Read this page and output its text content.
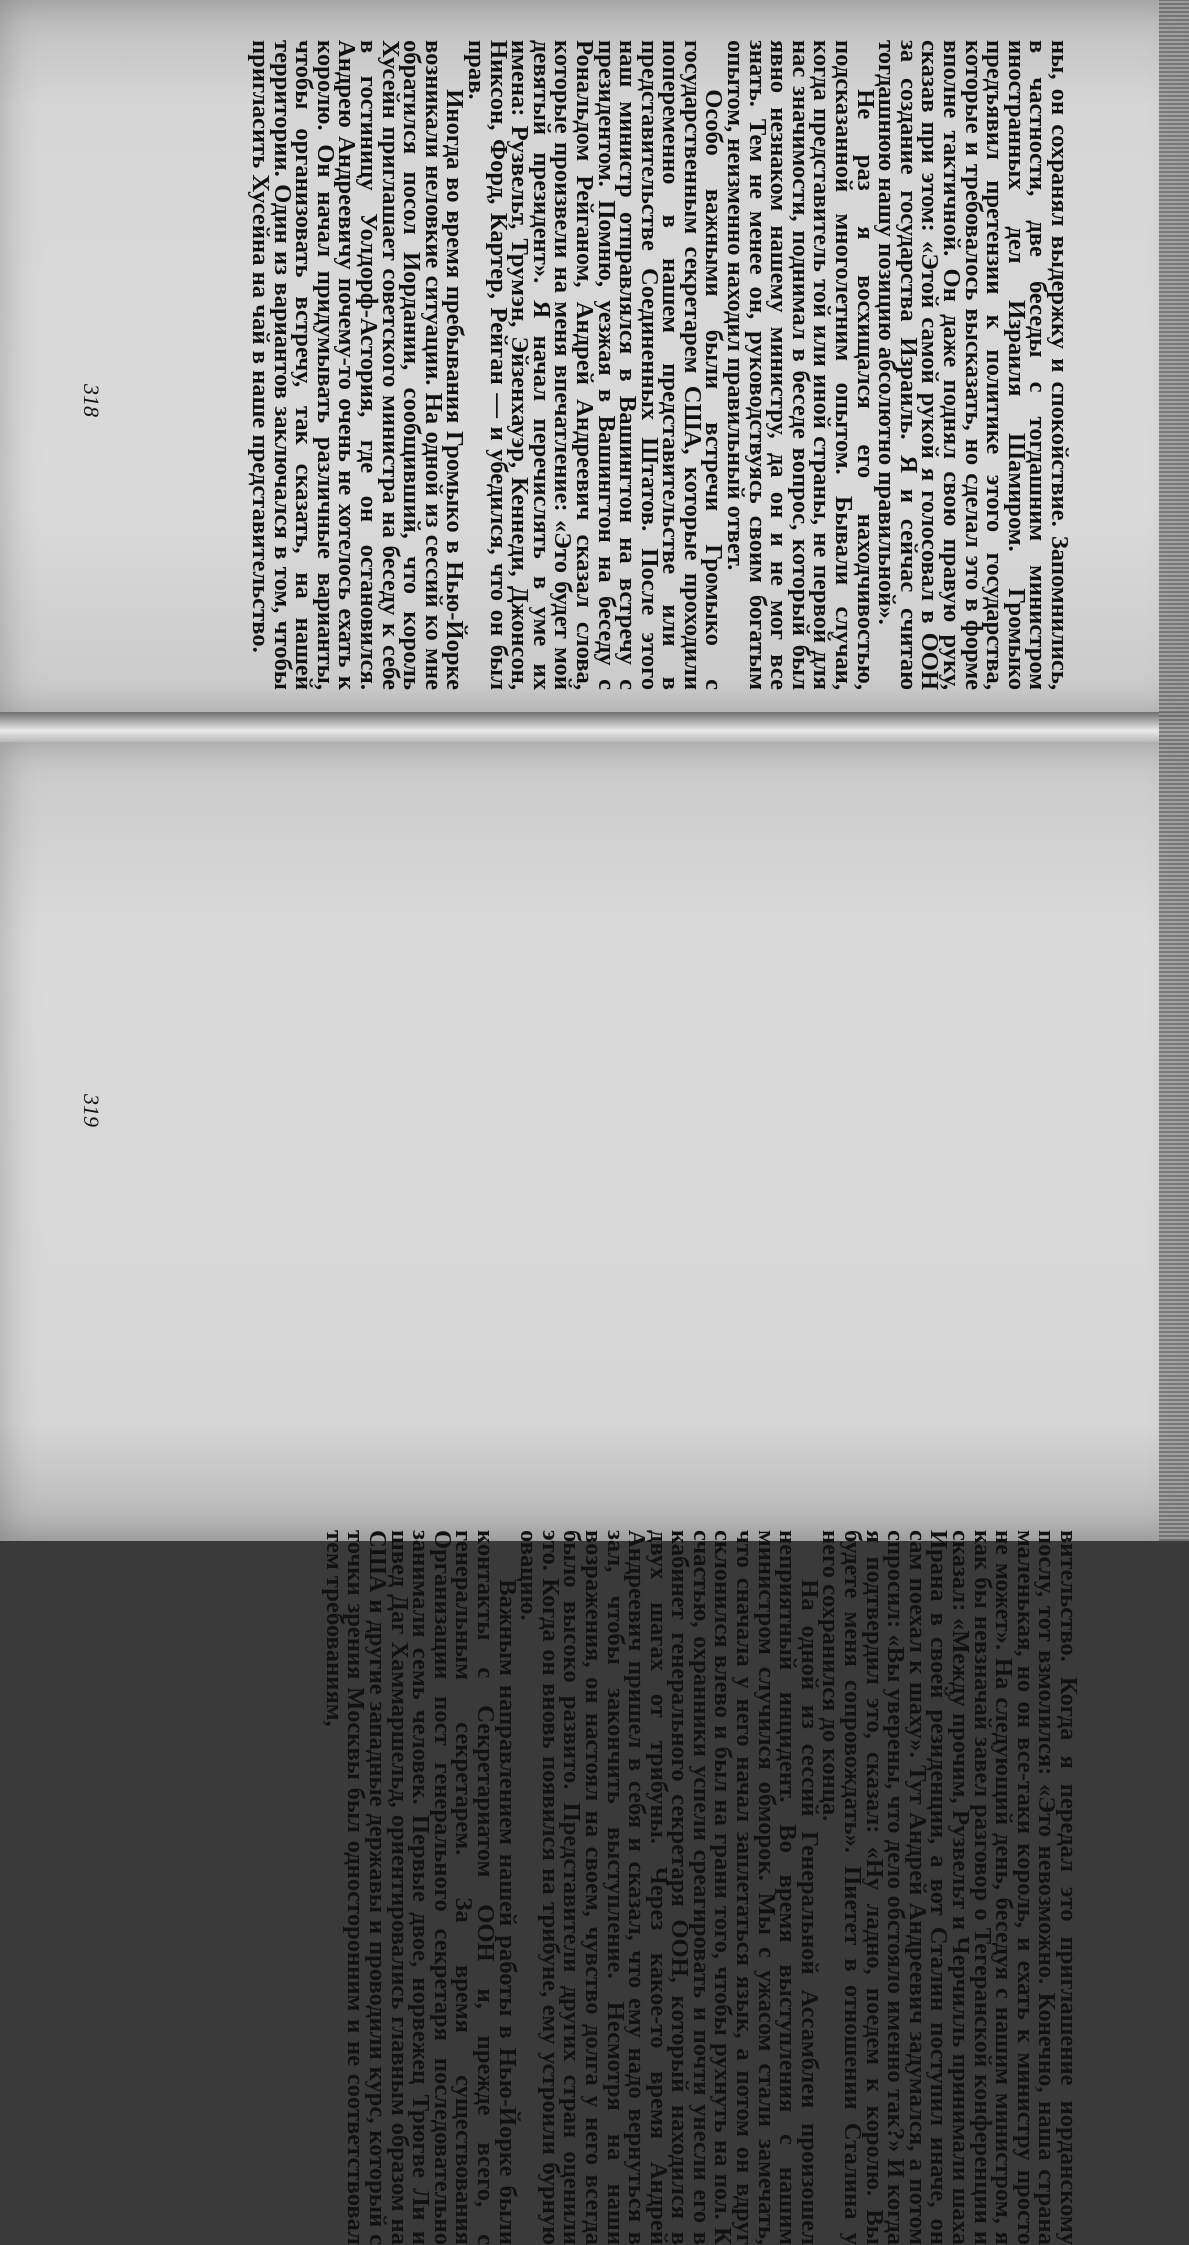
ны, он сохранял выдержку и спокойствие. Запомнились, в частности, две беседы с тогдашним министром иностранных дел Израиля Шамиром. Громыко предъявил претензии к политике этого государства, которые и требовалось высказать, но сделал это в форме вполне тактичной. Он даже поднял свою правую руку, сказав при этом: «Этой самой рукой я голосовал в ООН за создание государства Израиль. Я и сейчас считаю тогдашнюю нашу позицию абсолютно правильной».

Не раз я восхищался его находчивостью, подсказанной многолетним опытом. Бывали случаи, когда представитель той или иной страны, не первой для нас значимости, поднимал в беседе вопрос, который был явно незнаком нашему министру, да он и не мог все знать. Тем не менее он, руководствуясь своим богатым опытом, неизменно находил правильный ответ.

Особо важными были встречи Громыко с государственным секретарем США, которые проходили попеременно в нашем представительстве или в представительстве Соединенных Штатов. После этого наш министр отправлялся в Вашингтон на встречу с президентом. Помню, уезжая в Вашингтон на беседу с Рональдом Рейганом, Андрей Андреевич сказал слова, которые произвели на меня впечатление: «Это будет мой девятый президент». Я начал перечислять в уме их имена: Рузвельт, Трумэн, Эйзенхауэр, Кеннеди, Джонсон, Никсон, Форд, Картер, Рейган — и убедился, что он был прав.

Иногда во время пребывания Громыко в Нью-Йорке возникали неловкие ситуации. На одной из сессий ко мне обратился посол Иордании, сообщивший, что король Хусейн приглашает советского министра на беседу к себе в гостиницу Уолдорф-Астория, где он остановился. Андрею Андреевичу почему-то очень не хотелось ехать к королю. Он начал придумывать различные варианты, чтобы организовать встречу, так сказать, на нашей территории. Один из вариантов заключался в том, чтобы пригласить Хусейна на чай в наше представительство.

вительство. Когда я передал это приглашение иорданскому послу, тот взмолился: «Это невозможно. Конечно, наша страна маленькая, но он все-таки король, и ехать к министру просто не может». На следующий день, беседуя с нашим министром, я как бы невзначай завел разговор о Тегеранской конференции и сказал: «Между прочим, Рузвельт и Черчилль принимали шаха Ирана в своей резиденции, а вот Сталин поступил иначе, он сам поехал к шаху». Тут Андрей Андреевич задумался, а потом спросил: «Вы уверены, что дело обстояло именно так?» И когда я подтвердил это, сказал: «Ну ладно, поедем к королю. Вы будете меня сопровождать». Пиетет в отношении Сталина у него сохранился до конца.

На одной из сессий Генеральной Ассамблеи произошел неприятный инцидент. Во время выступления с нашим министром случился обморок. Мы с ужасом стали замечать, что сначала у него начал заплетаться язык, а потом он вдруг склонился влево и был на грани того, чтобы рухнуть на пол. К счастью, охранники успели среагировать и почти унесли его в кабинет генерального секретаря ООН, который находился в двух шагах от трибуны. Через какое-то время Андрей Андреевич пришел в себя и сказал, что ему надо вернуться в зал, чтобы закончить выступление. Несмотря на наши возражения, он настоял на своем, чувство долга у него всегда было высоко развито. Представители других стран оценили это. Когда он вновь появился на трибуне, ему устроили бурную овацию.

Важным направлением нашей работы в Нью-Йорке были контакты с Секретариатом ООН и, прежде всего, с генеральным секретарем. За время существования Организации пост генерального секретаря последовательно занимали семь человек. Первые двое, норвежец Трюгве Ли и швед Даг Хаммаршельд, ориентировались главным образом на США и другие западные державы и проводили курс, который с точки зрения Москвы был односторонним и не соответствовал тем требованиям,

318
319
